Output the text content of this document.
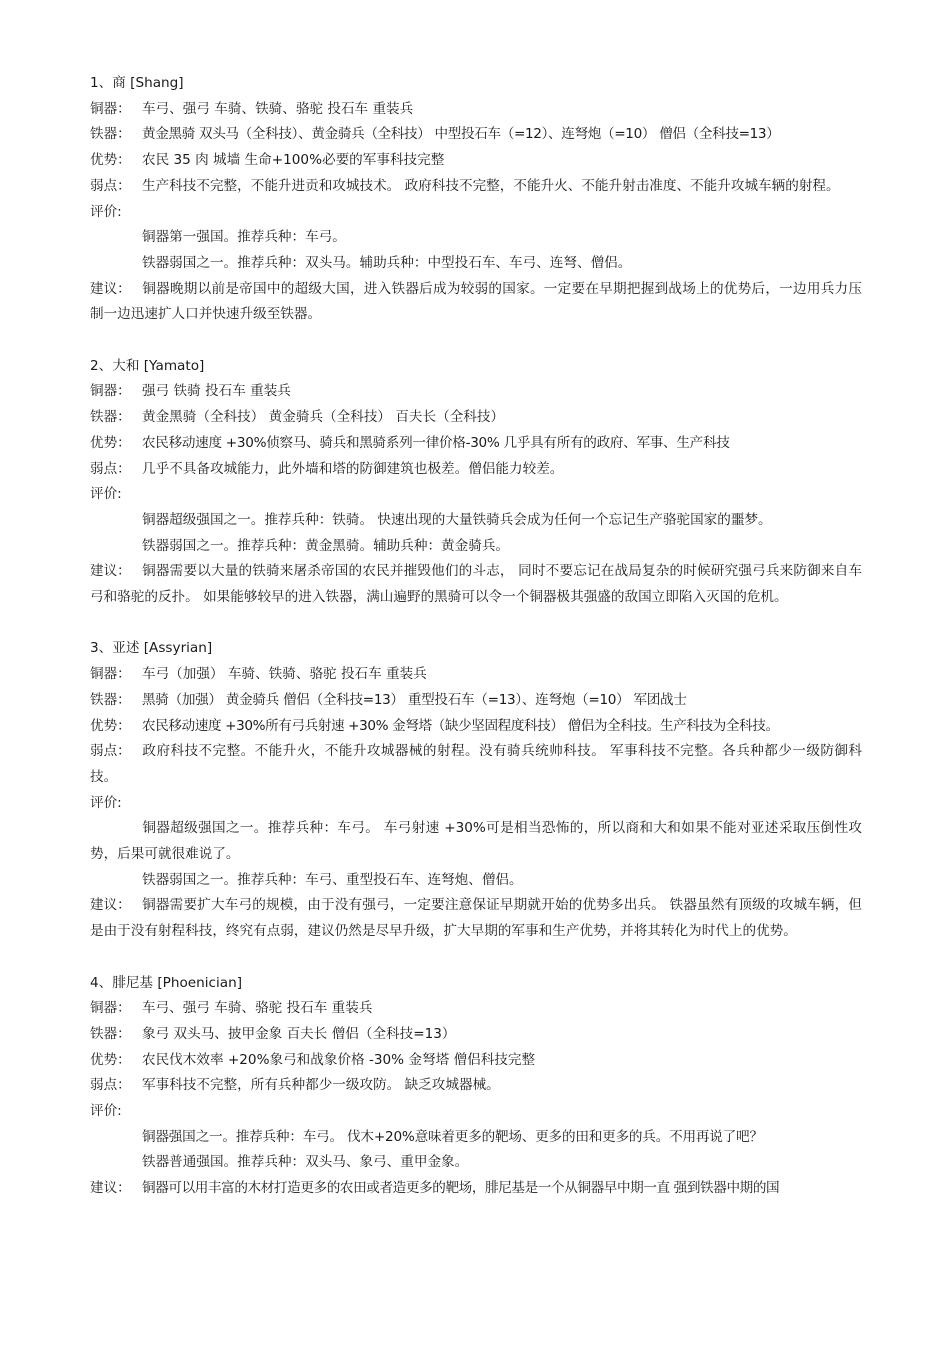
1、商 [Shang]

铜器： 车弓、强弓 车骑、铁骑、骆驼 投石车 重装兵

铁器： 黄金黑骑 双头马（全科技）、黄金骑兵（全科技） 中型投石车（=12）、连弩炮（=10） 僧侣（全科技=13）

优势： 农民 35 肉 城墙 生命+100%必要的军事科技完整

弱点： 生产科技不完整，不能升进贡和攻城技术。 政府科技不完整，不能升火、不能升射击准度、不能升攻城车辆的射程。

评价:

铜器第一强国。推荐兵种：车弓。

铁器弱国之一。推荐兵种：双头马。辅助兵种：中型投石车、车弓、连弩、僧侣。

建议： 铜器晚期以前是帝国中的超级大国，进入铁器后成为较弱的国家。一定要在早期把握到战场上的优势后，一边用兵力压制一边迅速扩人口并快速升级至铁器。

2、大和 [Yamato]

铜器： 强弓 铁骑 投石车 重装兵

铁器： 黄金黑骑（全科技） 黄金骑兵（全科技） 百夫长（全科技）

优势： 农民移动速度 +30%侦察马、骑兵和黑骑系列一律价格-30% 几乎具有所有的政府、军事、生产科技

弱点： 几乎不具备攻城能力，此外墙和塔的防御建筑也极差。僧侣能力较差。

评价:

铜器超级强国之一。推荐兵种：铁骑。 快速出现的大量铁骑兵会成为任何一个忘记生产骆驼国家的噩梦。

铁器弱国之一。推荐兵种：黄金黑骑。辅助兵种：黄金骑兵。

建议： 铜器需要以大量的铁骑来屠杀帝国的农民并摧毁他们的斗志， 同时不要忘记在战局复杂的时候研究强弓兵来防御来自车弓和骆驼的反扑。 如果能够较早的进入铁器，满山遍野的黑骑可以令一个铜器极其强盛的敌国立即陷入灭国的危机。

3、亚述 [Assyrian]

铜器： 车弓（加强） 车骑、铁骑、骆驼 投石车 重装兵

铁器： 黑骑（加强） 黄金骑兵 僧侣（全科技=13） 重型投石车（=13）、连弩炮（=10） 军团战士

优势： 农民移动速度 +30%所有弓兵射速 +30% 金弩塔（缺少坚固程度科技） 僧侣为全科技。生产科技为全科技。

弱点： 政府科技不完整。不能升火，不能升攻城器械的射程。没有骑兵统帅科技。 军事科技不完整。各兵种都少一级防御科技。

评价:

铜器超级强国之一。推荐兵种：车弓。 车弓射速 +30%可是相当恐怖的，所以商和大和如果不能对亚述采取压倒性攻势，后果可就很难说了。

铁器弱国之一。推荐兵种：车弓、重型投石车、连弩炮、僧侣。

建议： 铜器需要扩大车弓的规模，由于没有强弓，一定要注意保证早期就开始的优势多出兵。 铁器虽然有顶级的攻城车辆，但是由于没有射程科技，终究有点弱，建议仍然是尽早升级，扩大早期的军事和生产优势，并将其转化为时代上的优势。

4、腓尼基 [Phoenician]

铜器： 车弓、强弓 车骑、骆驼 投石车 重装兵

铁器： 象弓 双头马、披甲金象 百夫长 僧侣（全科技=13）

优势： 农民伐木效率 +20%象弓和战象价格 -30% 金弩塔 僧侣科技完整

弱点： 军事科技不完整，所有兵种都少一级攻防。 缺乏攻城器械。

评价:

铜器强国之一。推荐兵种：车弓。 伐木+20%意味着更多的靶场、更多的田和更多的兵。不用再说了吧？

铁器普通强国。推荐兵种：双头马、象弓、重甲金象。

建议： 铜器可以用丰富的木材打造更多的农田或者造更多的靶场，腓尼基是一个从铜器早中期一直 强到铁器中期的国
